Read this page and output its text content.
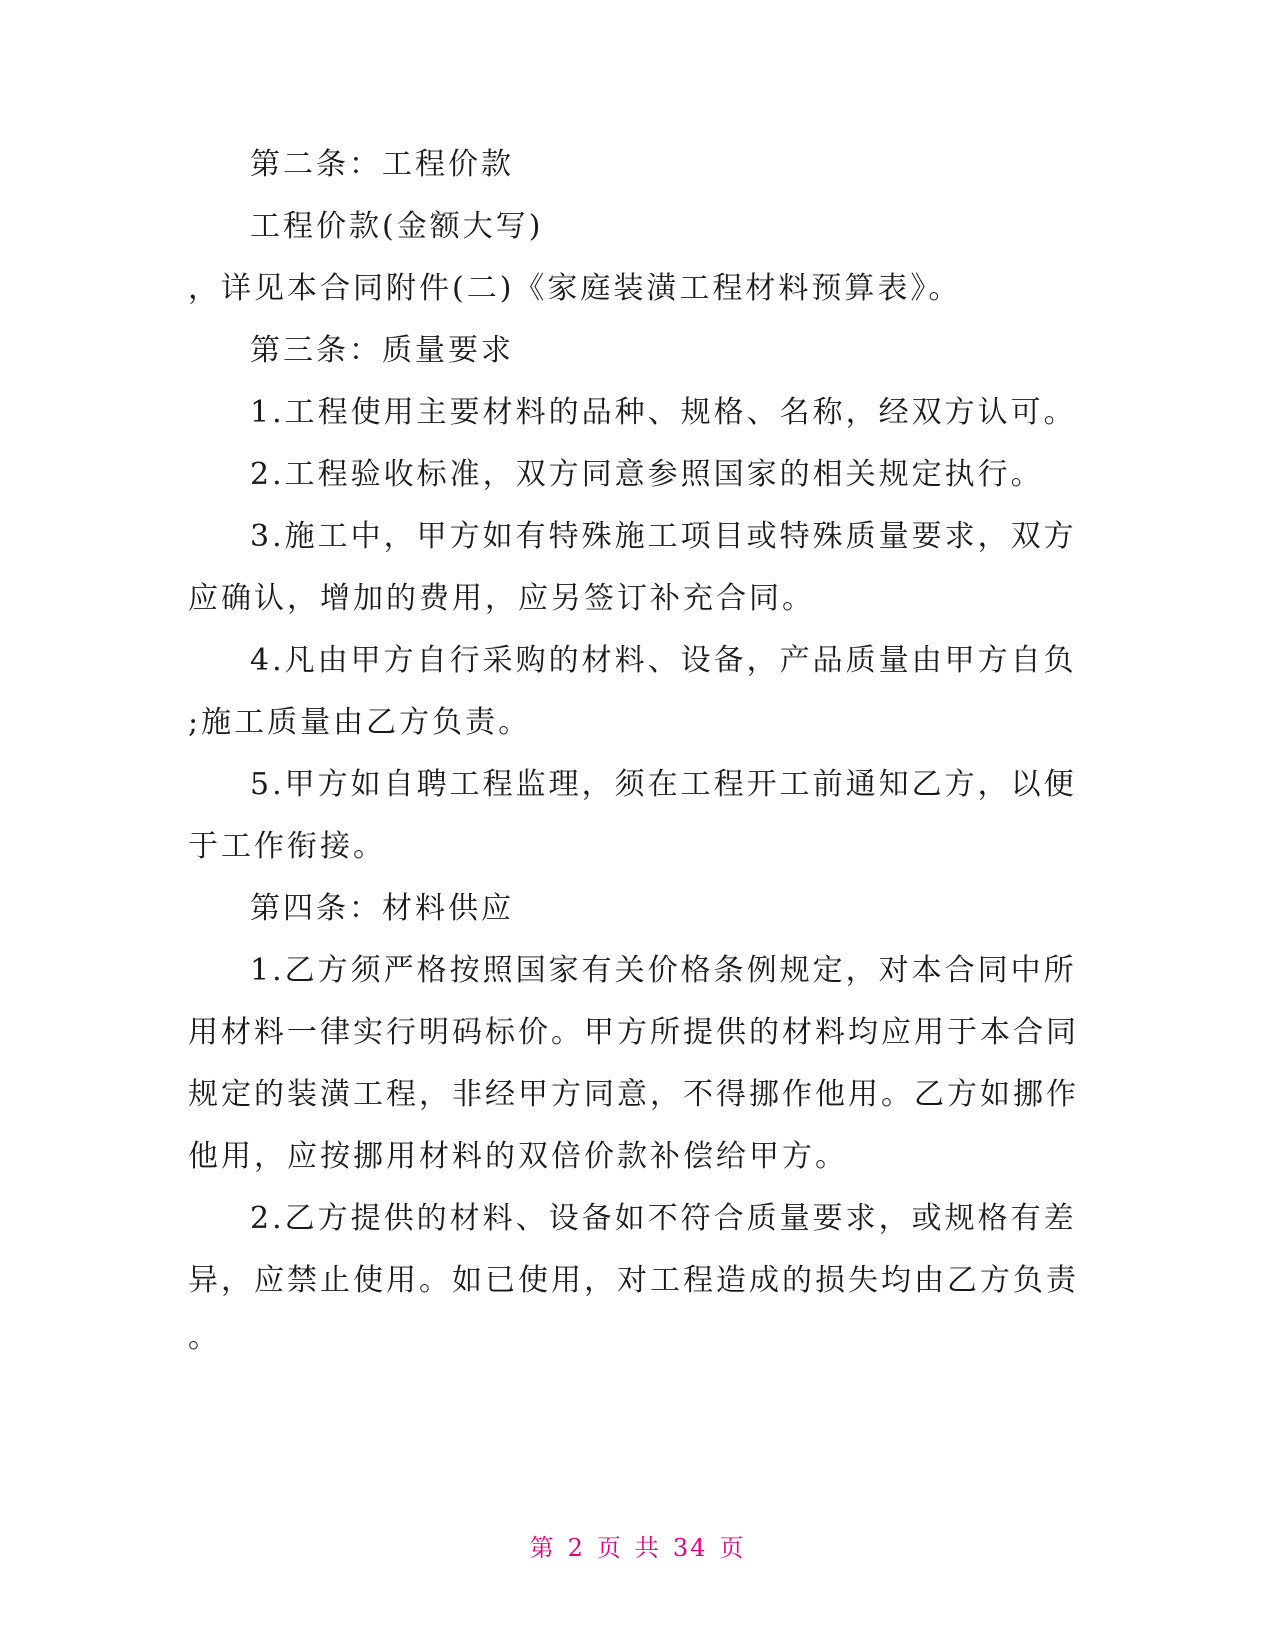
第二条：工程价款
工程价款(金额大写)
，详见本合同附件(二)《家庭装潢工程材料预算表》。
第三条：质量要求
1.工程使用主要材料的品种、规格、名称，经双方认可。
2.工程验收标准，双方同意参照国家的相关规定执行。
3.施工中，甲方如有特殊施工项目或特殊质量要求，双方
应确认，增加的费用，应另签订补充合同。
4.凡由甲方自行采购的材料、设备，产品质量由甲方自负
;施工质量由乙方负责。
5.甲方如自聘工程监理，须在工程开工前通知乙方，以便
于工作衔接。
第四条：材料供应
1.乙方须严格按照国家有关价格条例规定，对本合同中所
用材料一律实行明码标价。甲方所提供的材料均应用于本合同
规定的装潢工程，非经甲方同意，不得挪作他用。乙方如挪作
他用，应按挪用材料的双倍价款补偿给甲方。
2.乙方提供的材料、设备如不符合质量要求，或规格有差
异，应禁止使用。如已使用，对工程造成的损失均由乙方负责
。
第 2 页 共 34 页
